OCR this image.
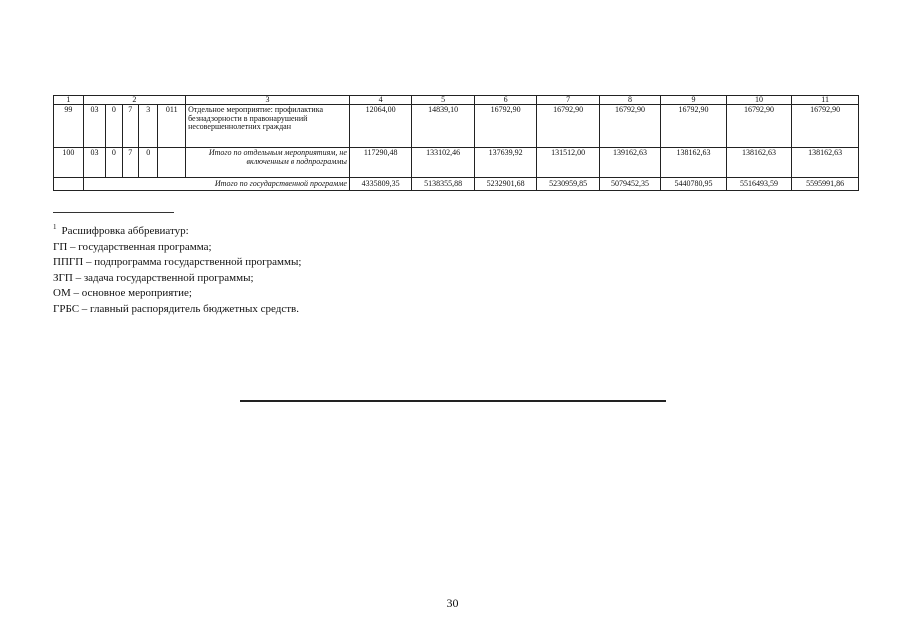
1	2					3	4	5	6	7	8	9	10	11
99	03	0	7	3	011	Отдельное мероприятие: профилактика безнадзорности в правонарушений несовершеннолетних граждан	12064,00	14839,10	16792,90	16792,90	16792,90	16792,90	16792,90	16792,90
100	03	0	7	0		Итого по отдельным мероприятиям, не включенным в подпрограммы	117290,48	133102,46	137639,92	131512,00	139162,63	138162,63	138162,63	138162,63
	Итого по государственной программе						4335809,35	5138355,88	5232901,68	5230959,85	5079452,35	5440780,95	5516493,59	5595991,86
$^1$ Расшифровка аббревиатур:
ГП – государственная программа;
ППГП – подпрограмма государственной программы;
ЗГП – задача государственной программы;
ОМ – основное мероприятие;
ГРБС – главный распорядитель бюджетных средств.
30
